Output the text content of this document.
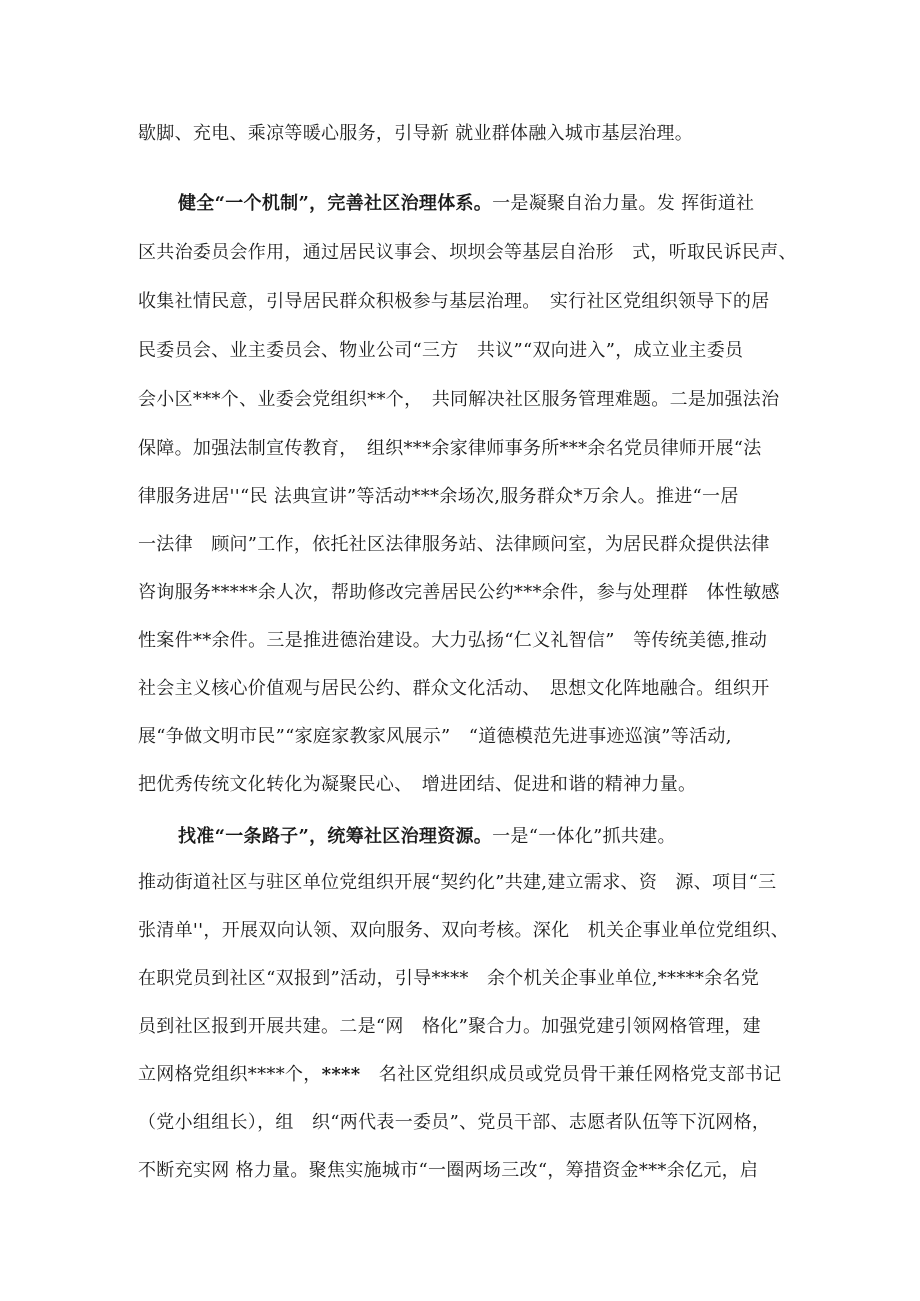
歇脚、充电、乘凉等暖心服务，引导新 就业群体融入城市基层治理。
健全“一个机制”，完善社区治理体系。一是凝聚自治力量。发 挥街道社
区共治委员会作用，通过居民议事会、坝坝会等基层自治形　式，听取民诉民声、
收集社情民意，引导居民群众积极参与基层治理。　实行社区党组织领导下的居
民委员会、业主委员会、物业公司“三方　共议”“双向进入”，成立业主委员
会小区***个、业委会党组织**个，　共同解决社区服务管理难题。二是加强法治
保障。加强法制宣传教育，　组织***余家律师事务所***余名党员律师开展“法
律服务进居''“民 法典宣讲”等活动***余场次,服务群众*万余人。推进“一居
一法律　顾问”工作，依托社区法律服务站、法律顾问室，为居民群众提供法律
咨询服务*****余人次，帮助修改完善居民公约***余件，参与处理群　体性敏感
性案件**余件。三是推进德治建设。大力弘扬“仁义礼智信”　等传统美德,推动
社会主义核心价值观与居民公约、群众文化活动、　思想文化阵地融合。组织开
展“争做文明市民”“家庭家教家风展示”　“道德模范先进事迹巡演”等活动,
把优秀传统文化转化为凝聚民心、　增进团结、促进和谐的精神力量。
找准“一条路子”，统筹社区治理资源。一是“一体化”抓共建。
推动街道社区与驻区单位党组织开展“契约化”共建,建立需求、资　源、项目“三
张清单''，开展双向认领、双向服务、双向考核。深化　机关企事业单位党组织、
在职党员到社区“双报到”活动，引导****　余个机关企事业单位,*****余名党
员到社区报到开展共建。二是“网　格化”聚合力。加强党建引领网格管理，建
立网格党组织****个，****　名社区党组织成员或党员骨干兼任网格党支部书记
（党小组组长），组　织“两代表一委员”、党员干部、志愿者队伍等下沉网格，
不断充实网 格力量。聚焦实施城市“一圈两场三改“，筹措资金***余亿元，启
